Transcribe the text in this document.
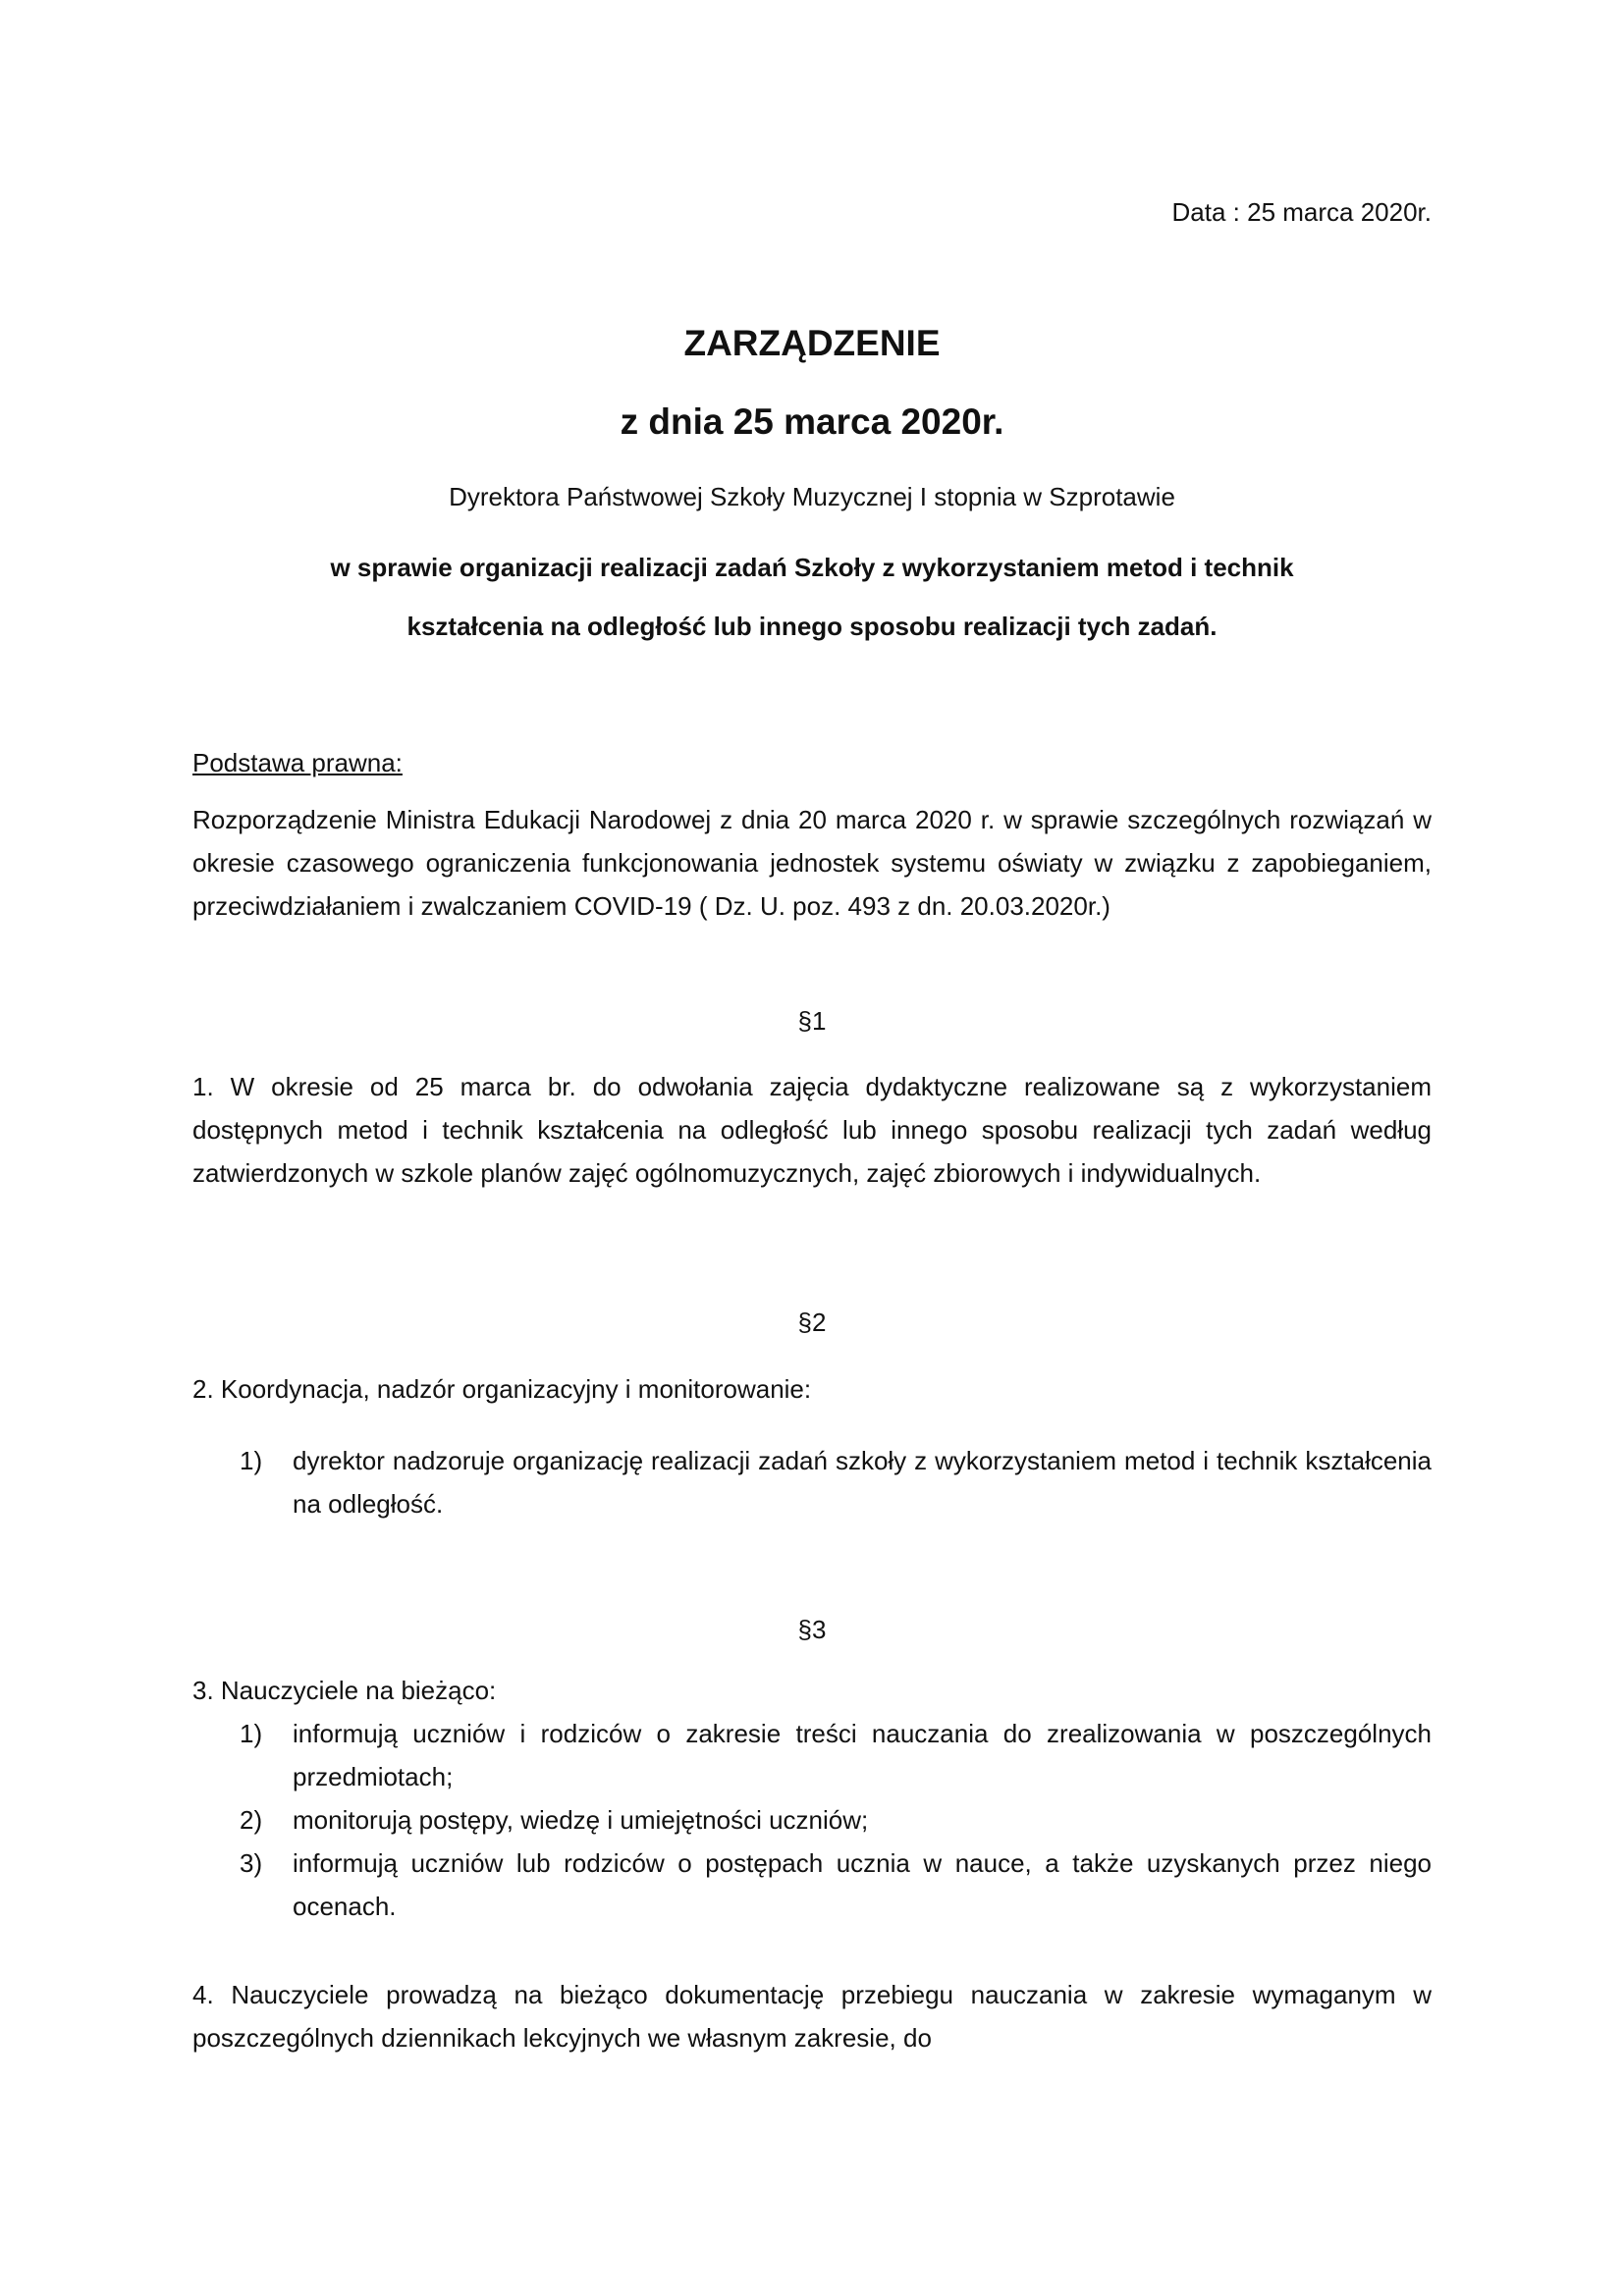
Data : 25 marca 2020r.
ZARZĄDZENIE
z dnia 25 marca 2020r.
Dyrektora Państwowej Szkoły Muzycznej I stopnia w Szprotawie
w sprawie organizacji realizacji zadań Szkoły z wykorzystaniem metod i technik
kształcenia na odległość lub innego sposobu realizacji tych zadań.
Podstawa prawna:
Rozporządzenie Ministra Edukacji Narodowej z dnia 20 marca 2020 r. w sprawie szczególnych rozwiązań w okresie czasowego ograniczenia funkcjonowania jednostek systemu oświaty w związku z zapobieganiem, przeciwdziałaniem i zwalczaniem COVID-19 ( Dz. U. poz. 493 z dn. 20.03.2020r.)
§1
1. W okresie od 25 marca br. do odwołania zajęcia dydaktyczne realizowane są z wykorzystaniem dostępnych metod i technik kształcenia na odległość lub innego sposobu realizacji tych zadań według zatwierdzonych w szkole planów zajęć ogólnomuzycznych, zajęć zbiorowych i indywidualnych.
§2
2. Koordynacja, nadzór organizacyjny i monitorowanie:
1) dyrektor nadzoruje organizację realizacji zadań szkoły z wykorzystaniem metod i technik kształcenia na odległość.
§3
3. Nauczyciele na bieżąco:
1) informują uczniów i rodziców o zakresie treści nauczania do zrealizowania w poszczególnych przedmiotach;
2) monitorują postępy, wiedzę i umiejętności uczniów;
3) informują uczniów lub rodziców o postępach ucznia w nauce, a także uzyskanych przez niego ocenach.
4. Nauczyciele prowadzą na bieżąco dokumentację przebiegu nauczania w zakresie wymaganym w poszczególnych dziennikach lekcyjnych we własnym zakresie, do
